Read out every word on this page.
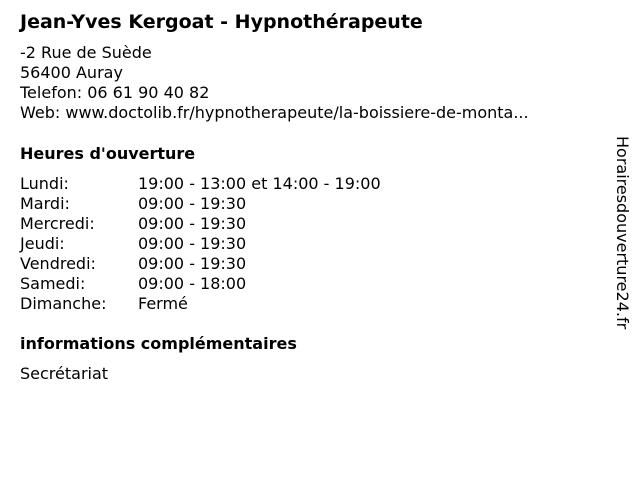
Jean-Yves Kergoat - Hypnothérapeute
-2 Rue de Suède
56400 Auray
Telefon: 06 61 90 40 82
Web: www.doctolib.fr/hypnotherapeute/la-boissiere-de-monta...
Heures d'ouverture
Lundi:	19:00 - 13:00 et 14:00 - 19:00
Mardi:	09:00 - 19:30
Mercredi:	09:00 - 19:30
Jeudi:	09:00 - 19:30
Vendredi:	09:00 - 19:30
Samedi:	09:00 - 18:00
Dimanche: Fermé
informations complémentaires
Secrétariat
Horairesdouverture24.fr
